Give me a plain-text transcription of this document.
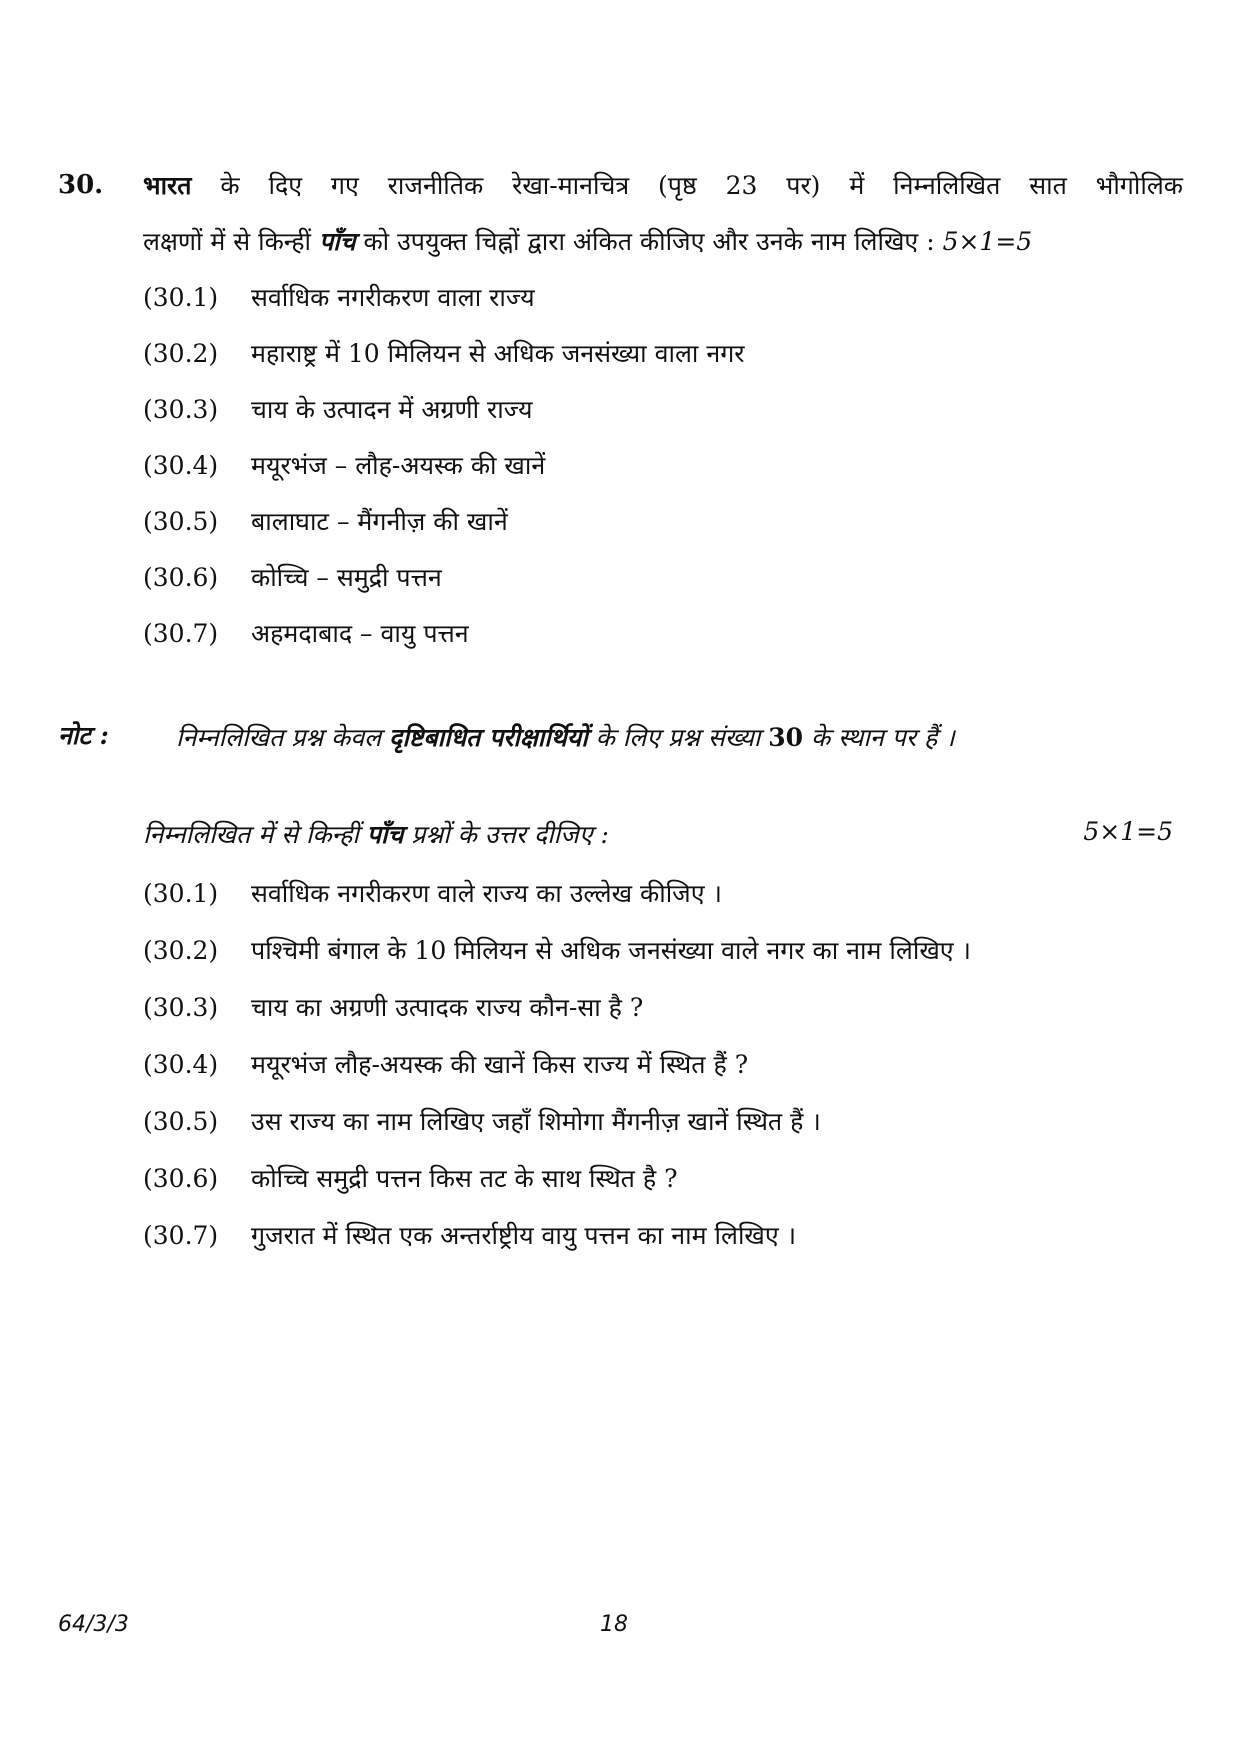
30. भारत के दिए गए राजनीतिक रेखा-मानचित्र (पृष्ठ 23 पर) में निम्नलिखित सात भौगोलिक
लक्षणों में से किन्हीं पाँच को उपयुक्त चिह्नों द्वारा अंकित कीजिए और उनके नाम लिखिए : 5×1=5
(30.1) सर्वाधिक नगरीकरण वाला राज्य
(30.2) महाराष्ट्र में 10 मिलियन से अधिक जनसंख्या वाला नगर
(30.3) चाय के उत्पादन में अग्रणी राज्य
(30.4) मयूरभंज – लौह-अयस्क की खानें
(30.5) बालाघाट – मैंगनीज़ की खानें
(30.6) कोच्चि – समुद्री पत्तन
(30.7) अहमदाबाद – वायु पत्तन
नोट :	निम्नलिखित प्रश्न केवल दृष्टिबाधित परीक्षार्थियों के लिए प्रश्न संख्या 30 के स्थान पर हैं ।
निम्नलिखित में से किन्हीं पाँच प्रश्नों के उत्तर दीजिए :	5×1=5
(30.1) सर्वाधिक नगरीकरण वाले राज्य का उल्लेख कीजिए ।
(30.2) पश्चिमी बंगाल के 10 मिलियन से अधिक जनसंख्या वाले नगर का नाम लिखिए ।
(30.3) चाय का अग्रणी उत्पादक राज्य कौन-सा है ?
(30.4) मयूरभंज लौह-अयस्क की खानें किस राज्य में स्थित हैं ?
(30.5) उस राज्य का नाम लिखिए जहाँ शिमोगा मैंगनीज़ खानें स्थित हैं ।
(30.6) कोच्चि समुद्री पत्तन किस तट के साथ स्थित है ?
(30.7) गुजरात में स्थित एक अन्तर्राष्ट्रीय वायु पत्तन का नाम लिखिए ।
64/3/3	18
